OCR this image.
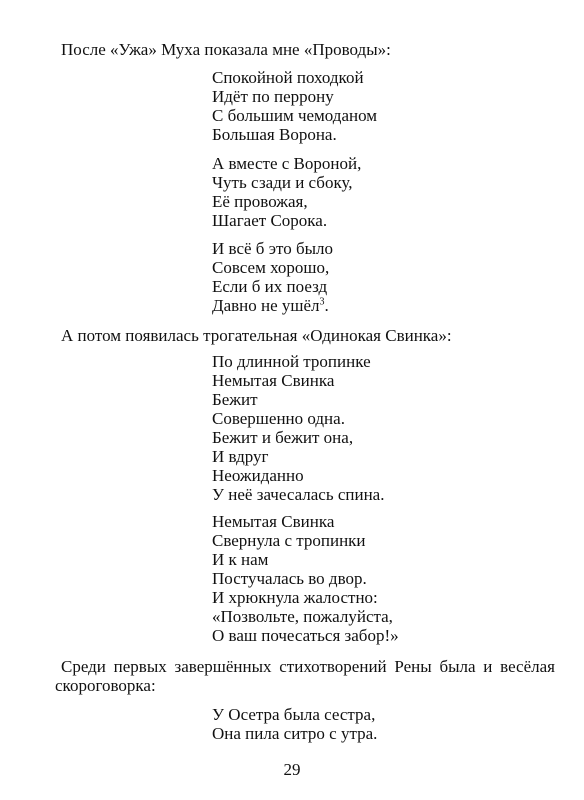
После «Ужа» Муха показала мне «Проводы»:

Спокойной походкой
Идёт по перрону
С большим чемоданом
Большая Ворона.
А вместе с Вороной,
Чуть сзади и сбоку,
Её провожая,
Шагает Сорока.
И всё б это было
Совсем хорошо,
Если б их поезд
Давно не ушёл$^3$.

А потом появилась трогательная «Одинокая Свинка»:

По длинной тропинке
Немытая Свинка
Бежит
Совершенно одна.
Бежит и бежит она,
И вдруг
Неожиданно
У неё зачесалась спина.
Немытая Свинка
Свернула с тропинки
И к нам
Постучалась во двор.
И хрюкнула жалостно:
«Позвольте, пожалуйста,
О ваш почесаться забор!»

Среди первых завершённых стихотворений Рены была и весёлая скороговорка:

У Осетра была сестра,
Она пила ситро с утра.
29
